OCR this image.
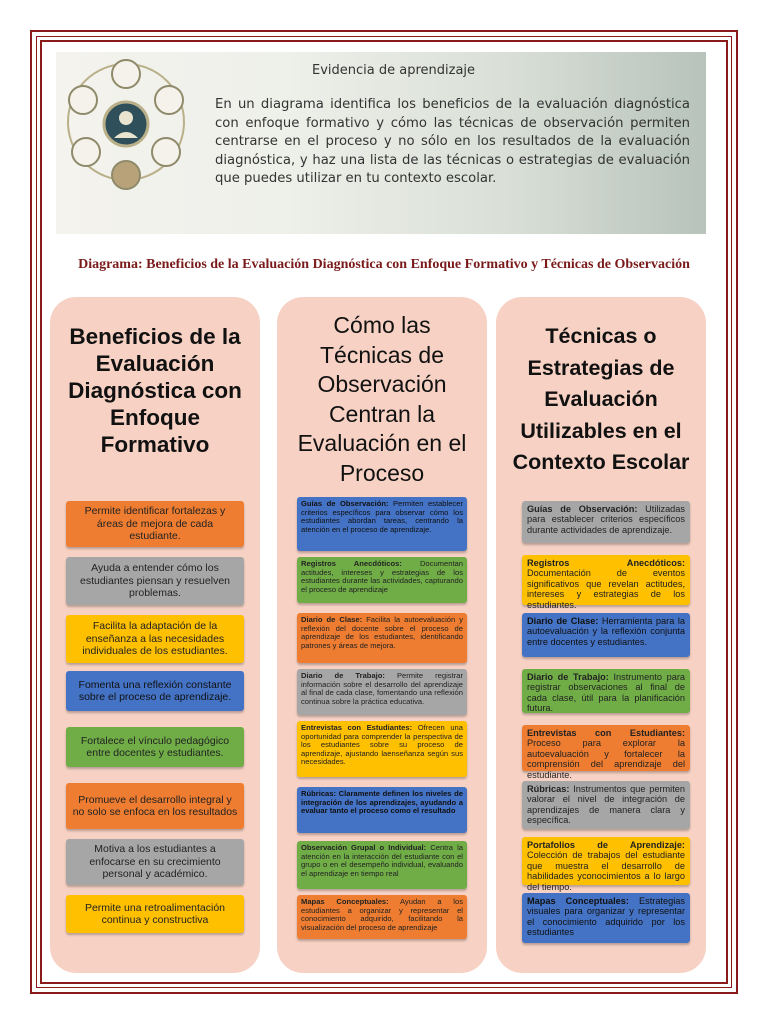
Evidencia de aprendizaje
En un diagrama identifica los beneficios de la evaluación diagnóstica con enfoque formativo y cómo las técnicas de observación permiten centrarse en el proceso y no sólo en los resultados de la evaluación diagnóstica, y haz una lista de las técnicas o estrategias de evaluación que puedes utilizar en tu contexto escolar.
Diagrama: Beneficios de la Evaluación Diagnóstica con Enfoque Formativo y Técnicas de Observación
Beneficios de la Evaluación Diagnóstica con Enfoque Formativo
Permite identificar fortalezas y áreas de mejora de cada estudiante.
Ayuda a entender cómo los estudiantes piensan y resuelven problemas.
Facilita la adaptación de la enseñanza a las necesidades individuales de los estudiantes.
Fomenta una reflexión constante sobre el proceso de aprendizaje.
Fortalece el vínculo pedagógico entre docentes y estudiantes.
Promueve el desarrollo integral y no solo se enfoca en los resultados
Motiva a los estudiantes a enfocarse en su crecimiento personal y académico.
Permite una retroalimentación continua y constructiva
Cómo las Técnicas de Observación Centran la Evaluación en el Proceso
Guías de Observación: Permiten establecer criterios específicos para observar cómo los estudiantes abordan tareas, centrando la atención en el proceso de aprendizaje.
Registros Anecdóticos: Documentan actitudes, intereses y estrategias de los estudiantes durante las actividades, capturando el proceso de aprendizaje
Diario de Clase: Facilita la autoevaluación y reflexión del docente sobre el proceso de aprendizaje de los estudiantes, identificando patrones y áreas de mejora.
Diario de Trabajo: Permite registrar información sobre el desarrollo del aprendizaje al final de cada clase, fomentando una reflexión continua sobre la práctica educativa.
Entrevistas con Estudiantes: Ofrecen una oportunidad para comprender la perspectiva de los estudiantes sobre su proceso de aprendizaje, ajustando laenseñanza según sus necesidades.
Rúbricas: Claramente definen los niveles de integración de los aprendizajes, ayudando a evaluar tanto el proceso como el resultado
Observación Grupal o Individual: Centra la atención en la interacción del estudiante con el grupo o en el desempeño individual, evaluando el aprendizaje en tiempo real
Mapas Conceptuales: Ayudan a los estudiantes a organizar y representar el conocimiento adquirido, facilitando la visualización del proceso de aprendizaje
Técnicas o Estrategias de Evaluación Utilizables en el Contexto Escolar
Guías de Observación: Utilizadas para establecer criterios específicos durante actividades de aprendizaje.
Registros Anecdóticos: Documentación de eventos significativos que revelan actitudes, intereses y estrategias de los estudiantes.
Diario de Clase: Herramienta para la autoevaluación y la reflexión conjunta entre docentes y estudiantes.
Diario de Trabajo: Instrumento para registrar observaciones al final de cada clase, útil para la planificación futura.
Entrevistas con Estudiantes: Proceso para explorar la autoevaluación y fortalecer la comprensión del aprendizaje del estudiante.
Rúbricas: Instrumentos que permiten valorar el nivel de integración de aprendizajes de manera clara y específica.
Portafolios de Aprendizaje: Colección de trabajos del estudiante que muestra el desarrollo de habilidades yconocimientos a lo largo del tiempo.
Mapas Conceptuales: Estrategias visuales para organizar y representar el conocimiento adquirido por los estudiantes
